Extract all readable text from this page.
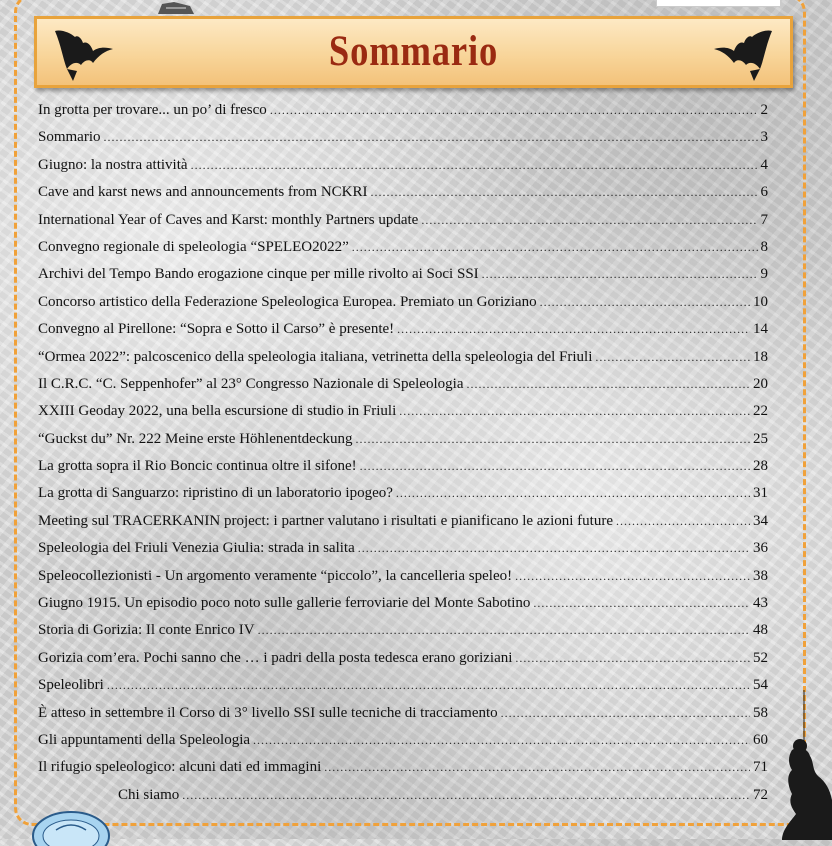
Sommario
In grotta per trovare... un po’ di fresco .....	2
Sommario .....	3
Giugno: la nostra attività .....	4
Cave and karst news and announcements from NCKRI .....	6
International Year of Caves and Karst: monthly Partners update .....	7
Convegno regionale di speleologia “SPELEO2022” .....	8
Archivi del Tempo Bando erogazione cinque per mille rivolto ai Soci SSI .....	9
Concorso artistico della Federazione Speleologica Europea. Premiato un Goriziano .....	10
Convegno al Pirellone: “Sopra e Sotto il Carso” è presente! .....	14
“Ormea 2022”: palcoscenico della speleologia italiana, vetrinetta della speleologia del Friuli .....	18
Il C.R.C. “C. Seppenhofer” al 23° Congresso Nazionale di Speleologia .....	20
XXIII Geoday 2022, una bella escursione di studio in Friuli .....	22
“Guckst du” Nr. 222 Meine erste Höhlenentdeckung .....	25
La grotta sopra il Rio Boncic continua oltre il sifone! .....	28
La grotta di Sanguarzo: ripristino di un laboratorio ipogeo? .....	31
Meeting sul TRACERKANIN project: i partner valutano i risultati e pianificano le azioni future .....	34
Speleologia del Friuli Venezia Giulia: strada in salita .....	36
Speleocollezionisti - Un argomento veramente “piccolo”, la cancelleria speleo! .....	38
Giugno 1915. Un episodio poco noto sulle gallerie ferroviarie del Monte Sabotino .....	43
Storia di Gorizia: Il conte Enrico IV .....	48
Gorizia com’era. Pochi sanno che … i padri della posta tedesca erano goriziani .....	52
Speleolibri .....	54
È atteso in settembre il Corso di 3° livello SSI sulle tecniche di tracciamento .....	58
Gli appuntamenti della Speleologia .....	60
Il rifugio speleologico: alcuni dati ed immagini .....	71
Chi siamo .....	72
